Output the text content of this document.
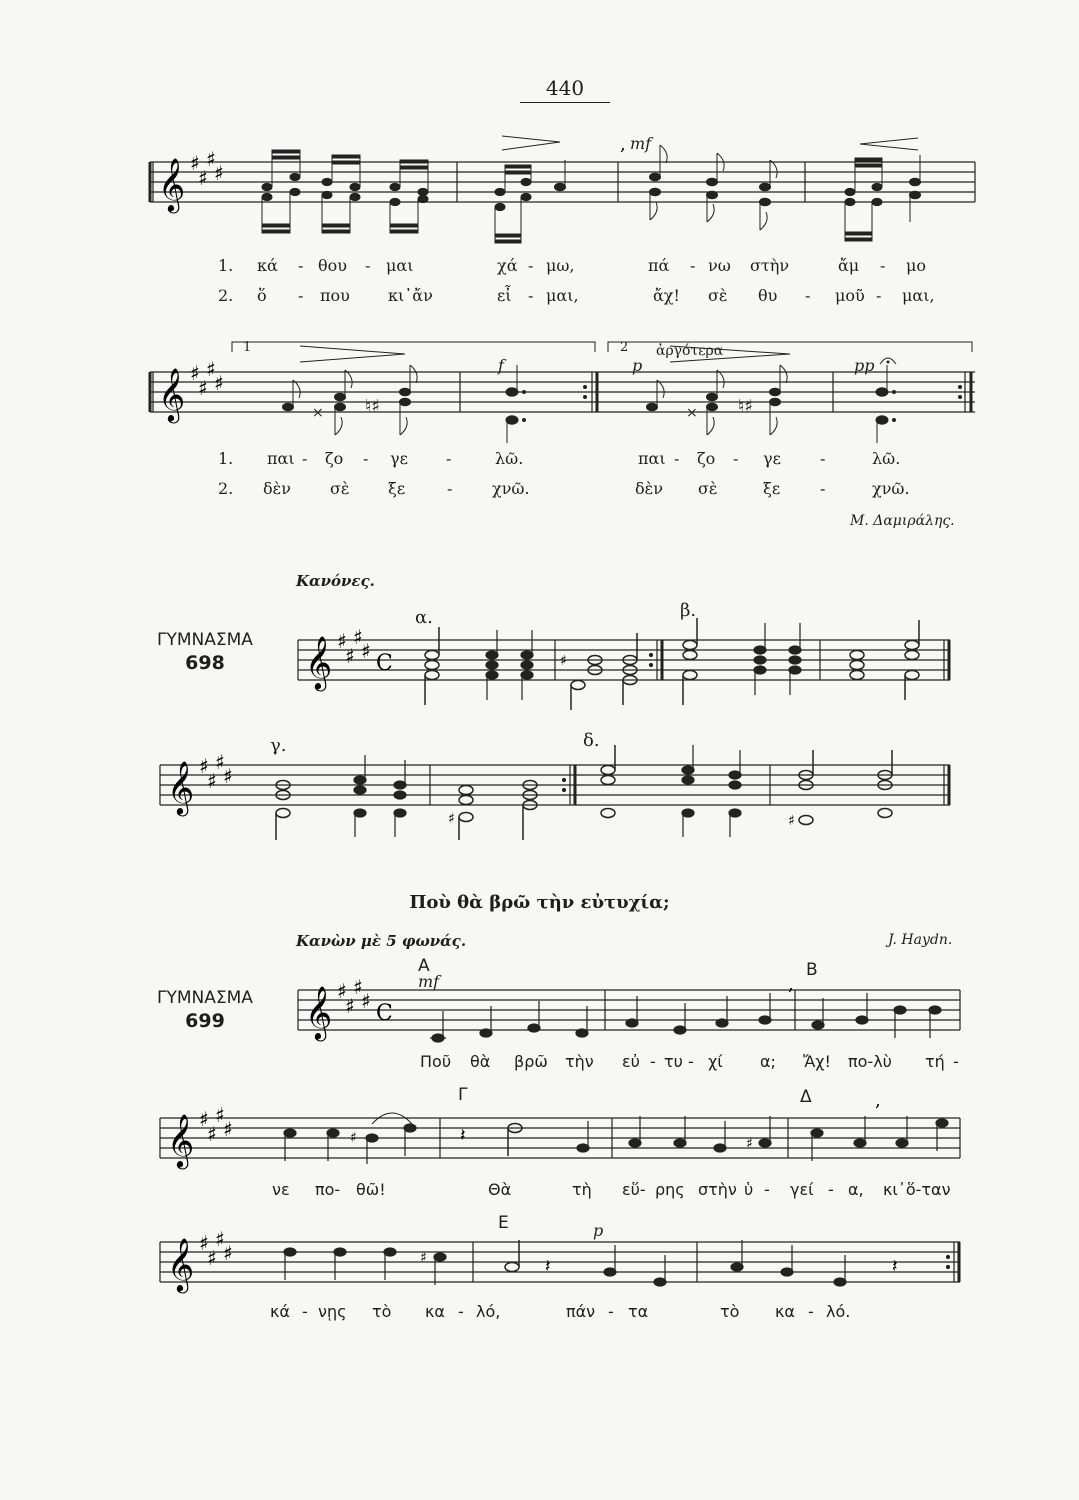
440
𝄞 ♯
♯
♯
♯
, mf
1. κά - θου - μαι	χά - μω,	πά - νω στὴν	ἄμ - μο
2. ὅ - που κι᾽ἄν	εἶ - μαι,	ἄχ! σὲ θυ - μοῦ - μαι,
𝄞 ♯
♯
♯
♯
× ♮♯	× ♮♯
1	2 ἀργότερα
f	p	pp
1. παι - ζο - γε -	λῶ.	παι - ζο - γε -	λῶ.
2. δὲν σὲ ξε	- χνῶ.	δὲν σὲ	ξε -	χνῶ.
Μ. Δαμιράλης.
Κανόνες.
ΓΥΜΝΑΣΜΑ
698
α.	β.
γ.	δ.
𝄞 ♯
♯
♯
♯ C	♯
𝄞 ♯
♯
♯
♯
♯	♯
Ποὺ θὰ βρῶ τὴν εὐτυχία;
Κανὼν μὲ 5 φωνάς.	J. Haydn.
ΓΥΜΝΑΣΜΑ
699
Α	Β
Γ	Δ
Ε
mf
p
𝄞 ♯
♯
♯
♯ C
,
Ποῦ θὰ βρῶ τὴν εὐ - τυ - χί α; Ἄχ! πο-λὺ τή -
𝄞 ♯
♯
♯
♯	𝄽
♯	♯
,
νε πο- θῶ!	Θὰ	τὴ εὕ- ρης στὴν ὑ - γεί - α, κι᾽ὅ-ταν
𝄞 ♯
♯
♯
♯
𝄽	𝄽
♯
κά - νῃς τὸ κα - λό,	πάν - τα	τὸ κα - λό.
